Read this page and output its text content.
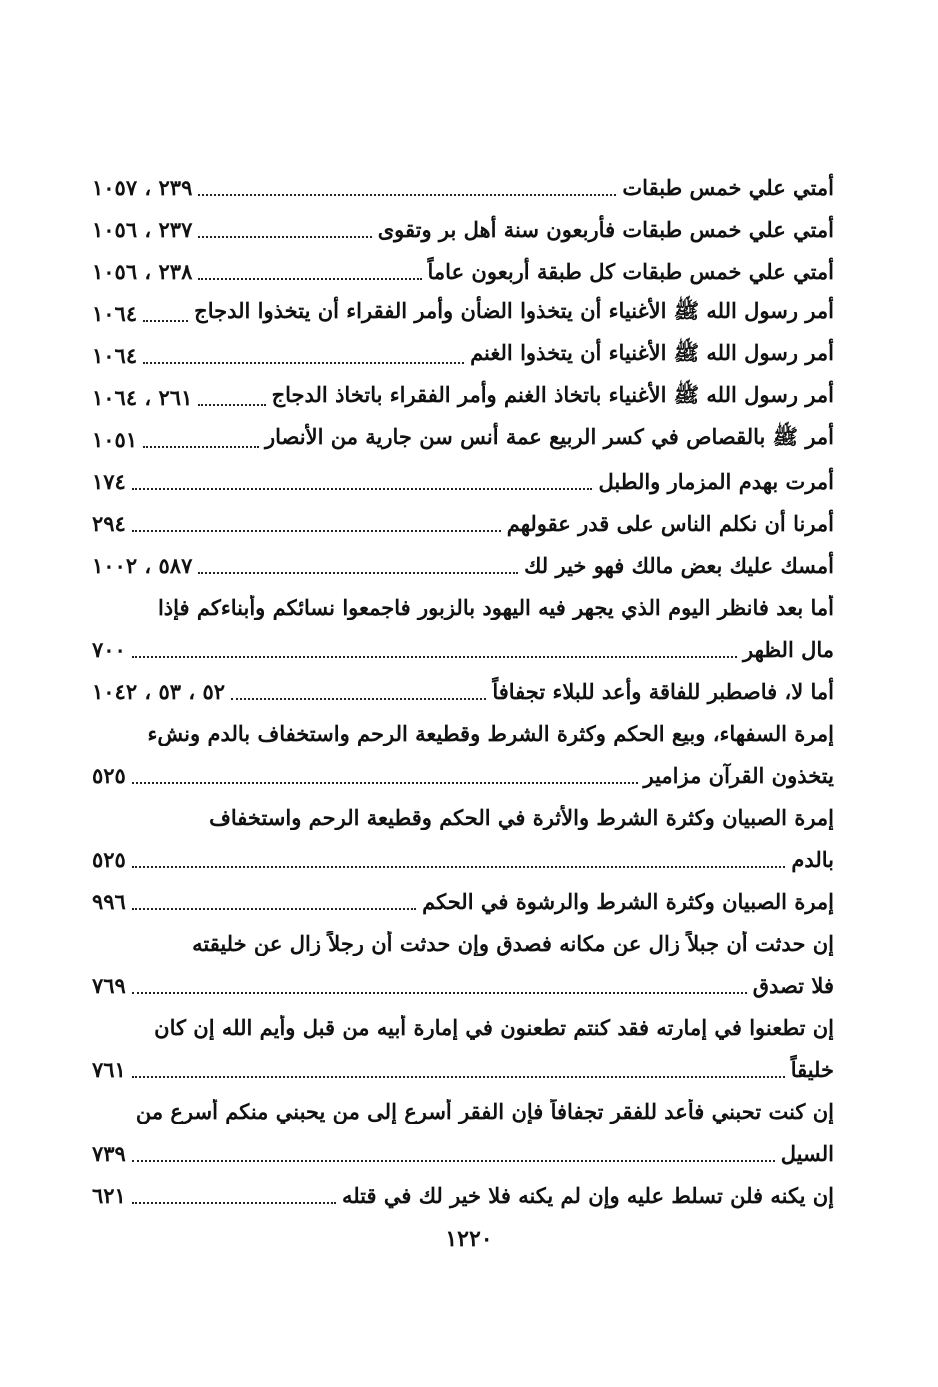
أمتي علي خمس طبقات
٢٣٩ ، ١٠٥٧
أمتي علي خمس طبقات فأربعون سنة أهل بر وتقوى
٢٣٧ ، ١٠٥٦
أمتي علي خمس طبقات كل طبقة أربعون عاماً
٢٣٨ ، ١٠٥٦
أمر رسول الله ﷺ الأغنياء أن يتخذوا الضأن وأمر الفقراء أن يتخذوا الدجاج
١٠٦٤
أمر رسول الله ﷺ الأغنياء أن يتخذوا الغنم
١٠٦٤
أمر رسول الله ﷺ الأغنياء باتخاذ الغنم وأمر الفقراء باتخاذ الدجاج
٢٦١ ، ١٠٦٤
أمر ﷺ بالقصاص في كسر الربيع عمة أنس سن جارية من الأنصار
١٠٥١
أمرت بهدم المزمار والطبل
١٧٤
أمرنا أن نكلم الناس على قدر عقولهم
٢٩٤
أمسك عليك بعض مالك فهو خير لك
٥٨٧ ، ١٠٠٢
أما بعد فانظر اليوم الذي يجهر فيه اليهود بالزبور فاجمعوا نسائكم وأبناءكم فإذا
مال الظهر
٧٠٠
أما لا، فاصطبر للفاقة وأعد للبلاء تجفافاً
٥٢ ، ٥٣ ، ١٠٤٢
إمرة السفهاء، وبيع الحكم وكثرة الشرط وقطيعة الرحم واستخفاف بالدم ونشء
يتخذون القرآن مزامير
٥٢٥
إمرة الصبيان وكثرة الشرط والأثرة في الحكم وقطيعة الرحم واستخفاف
بالدم
٥٢٥
إمرة الصبيان وكثرة الشرط والرشوة في الحكم
٩٩٦
إن حدثت أن جبلاً زال عن مكانه فصدق وإن حدثت أن رجلاً زال عن خليقته
فلا تصدق
٧٦٩
إن تطعنوا في إمارته فقد كنتم تطعنون في إمارة أبيه من قبل وأيم الله إن كان
خليقاً
٧٦١
إن كنت تحبني فأعد للفقر تجفافاً فإن الفقر أسرع إلى من يحبني منكم أسرع من
السيل
٧٣٩
إن يكنه فلن تسلط عليه وإن لم يكنه فلا خير لك في قتله
٦٢١
١٢٢٠
